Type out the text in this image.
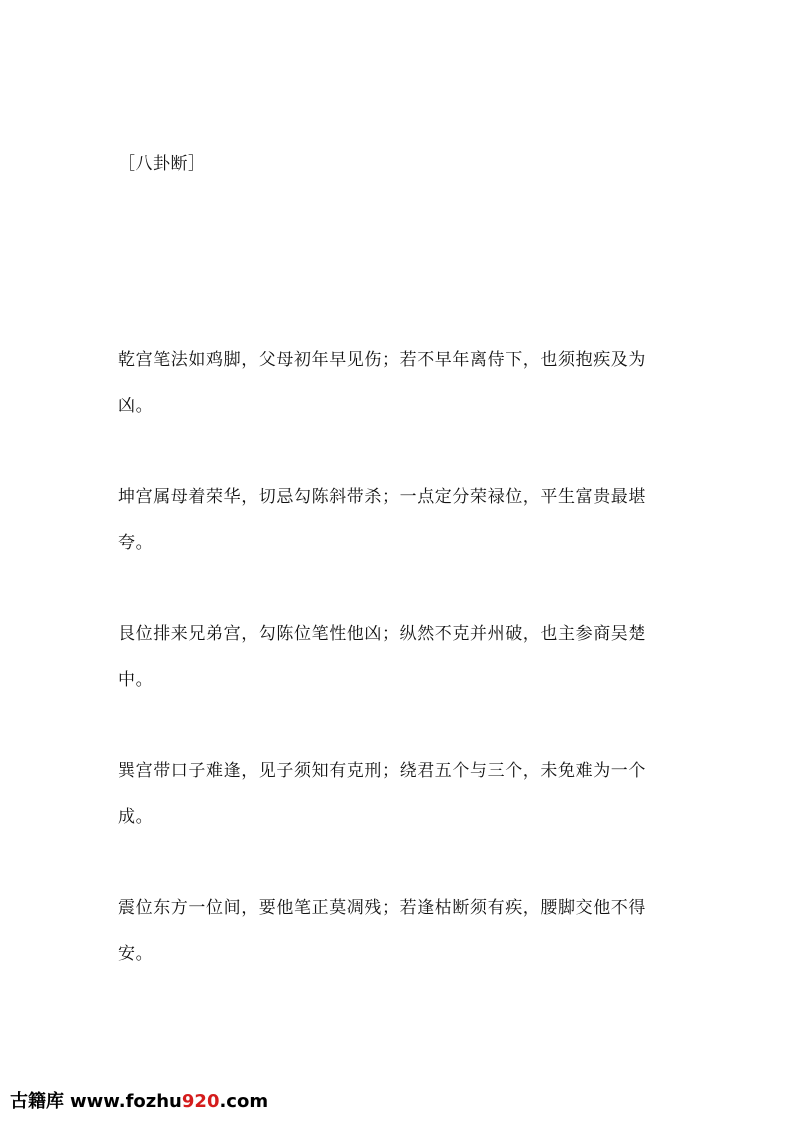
［八卦断］

乾宫笔法如鸡脚，父母初年早见伤；若不早年离侍下，也须抱疾及为凶。

坤宫属母着荣华，切忌勾陈斜带杀；一点定分荣禄位，平生富贵最堪夸。

艮位排来兄弟宫，勾陈位笔性他凶；纵然不克并州破，也主参商吴楚中。

巽宫带口子难逢，见子须知有克刑；绕君五个与三个，未免难为一个成。

震位东方一位间，要他笔正莫凋残；若逢枯断须有疾，腰脚交他不得安。

古籍库 www.fozhu920.com
